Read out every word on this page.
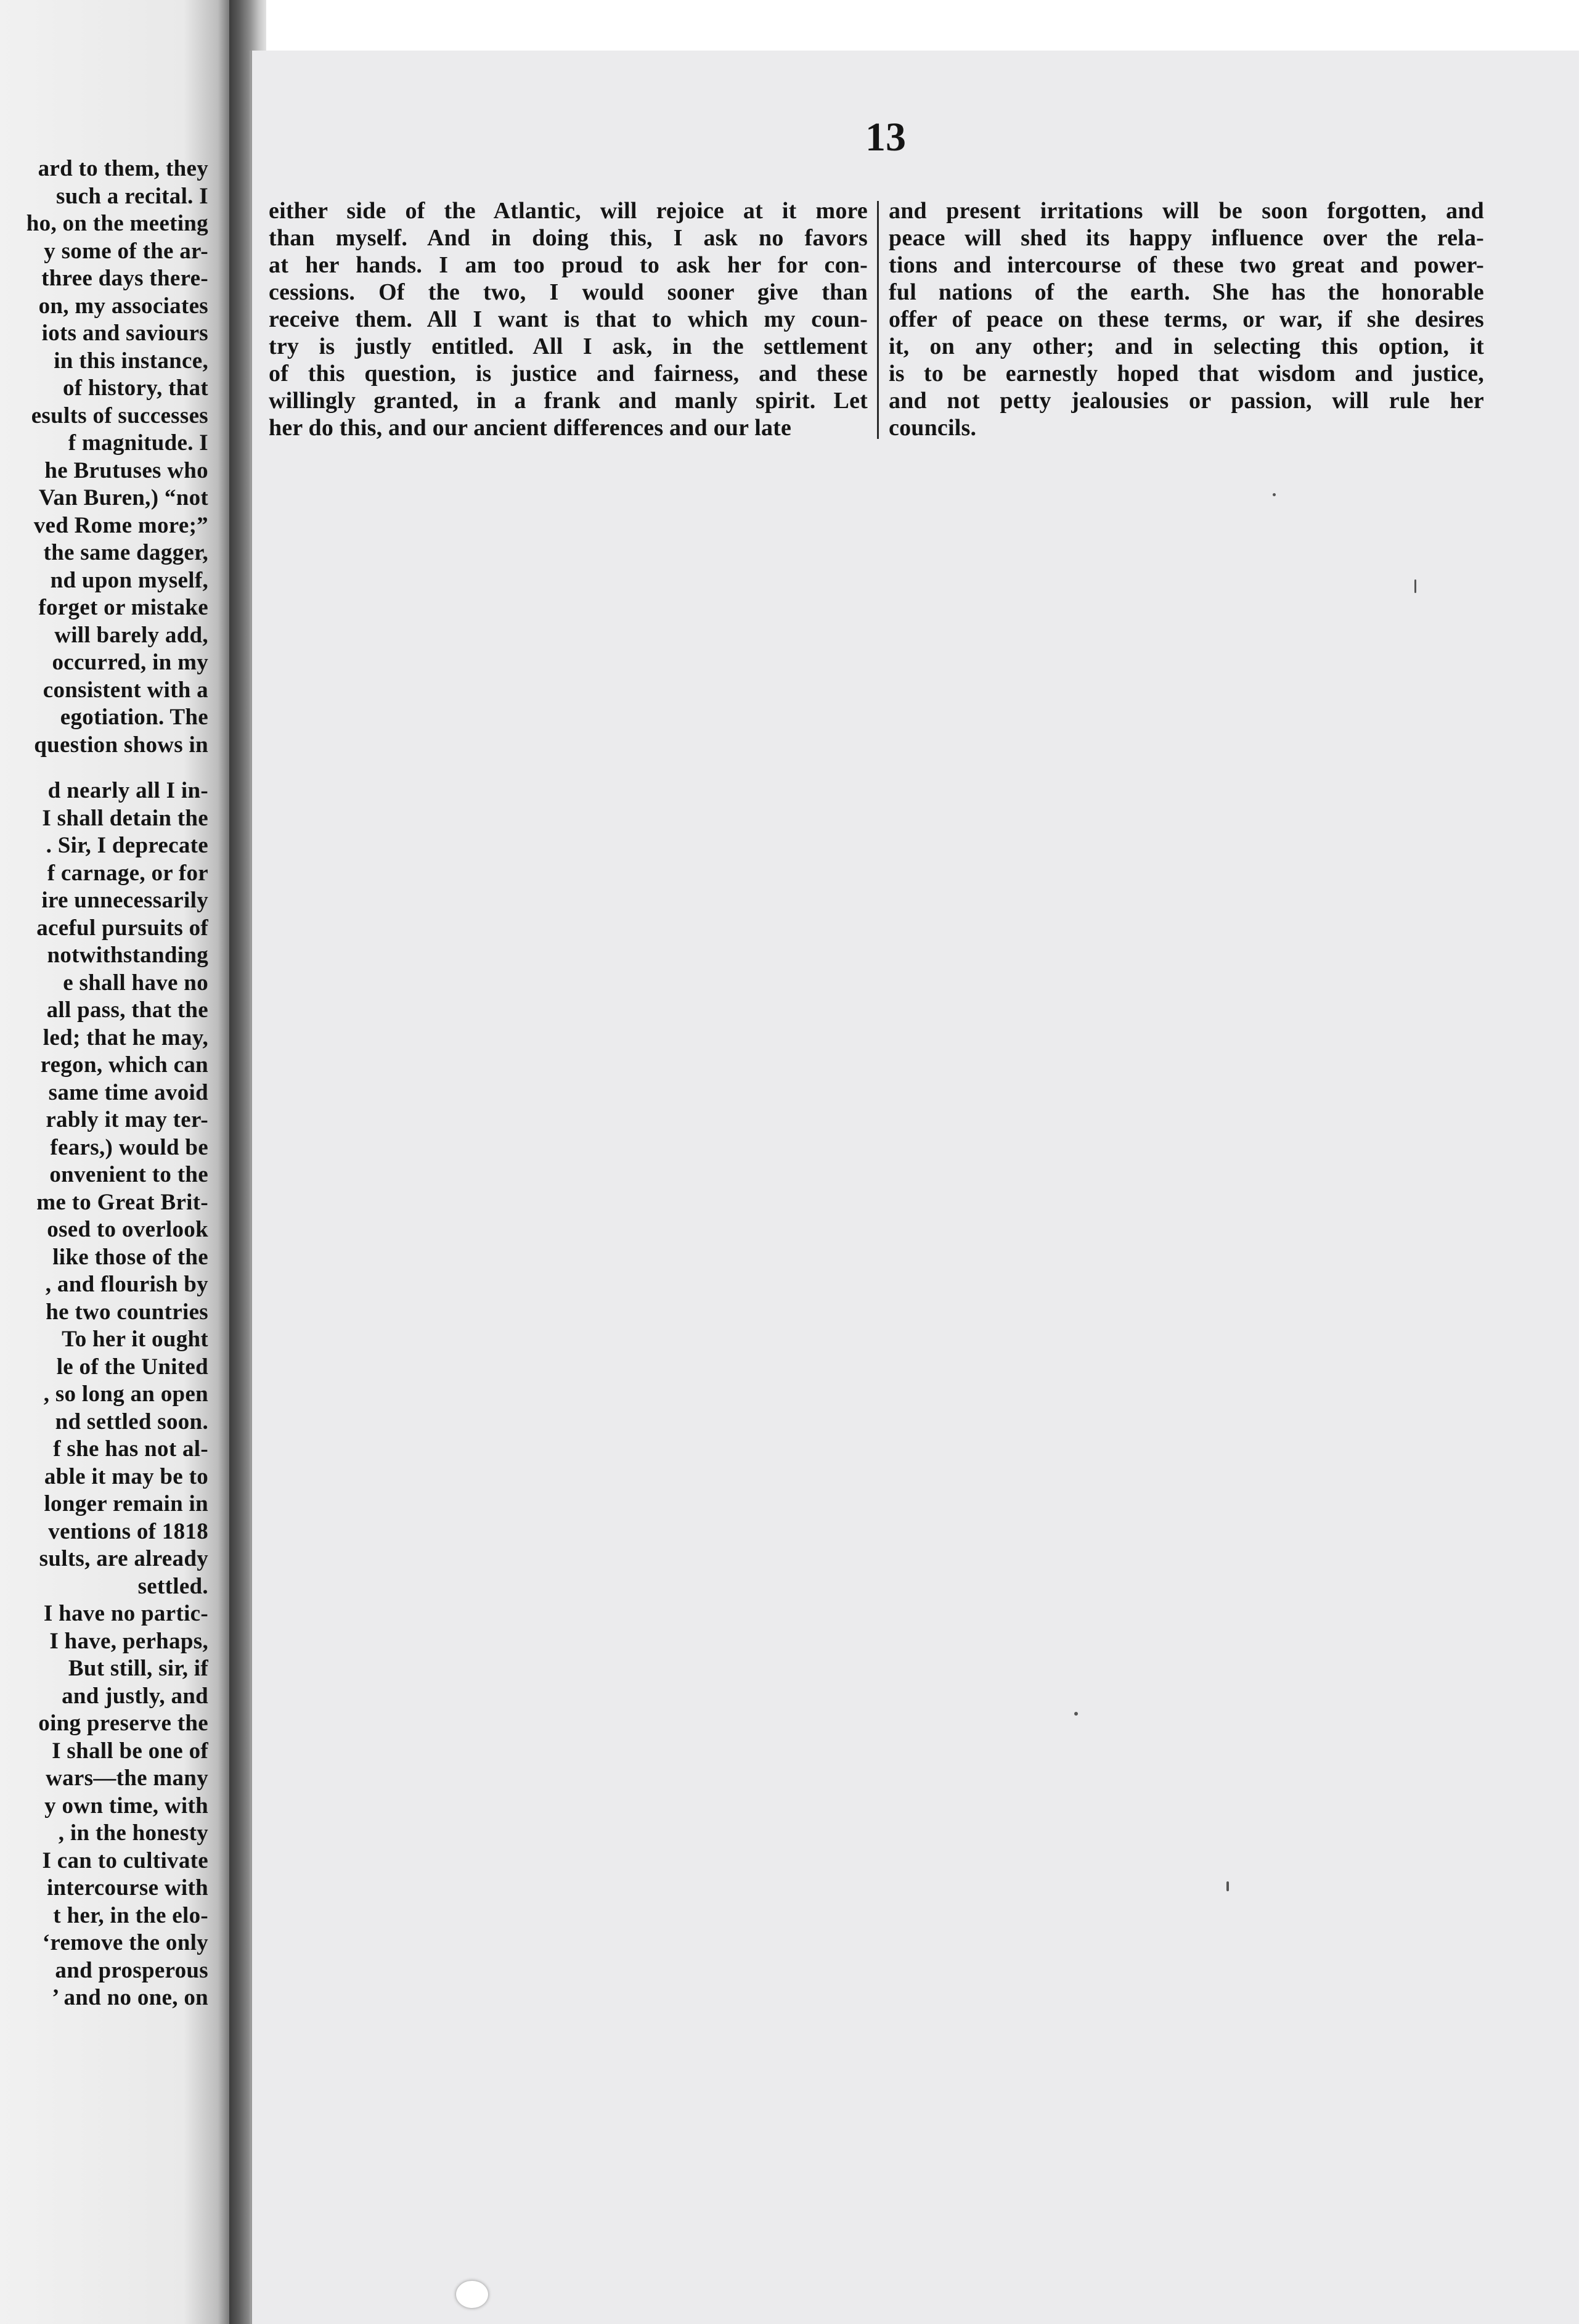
ard to them, they
such a recital. I
ho, on the meeting
y some of the ar-
three days there-
on, my associates
iots and saviours
in this instance,
of history, that
esults of successes
f magnitude. I
he Brutuses who
Van Buren,) “not
ved Rome more;”
the same dagger,
nd upon myself,
forget or mistake
will barely add,
occurred, in my
consistent with a
egotiation. The
question shows in
d nearly all I in-
I shall detain the
. Sir, I deprecate
f carnage, or for
ire unnecessarily
aceful pursuits of
notwithstanding
e shall have no
all pass, that the
led; that he may,
regon, which can
same time avoid
rably it may ter-
fears,) would be
onvenient to the
me to Great Brit-
osed to overlook
like those of the
, and flourish by
he two countries
To her it ought
le of the United
, so long an open
nd settled soon.
f she has not al-
able it may be to
longer remain in
ventions of 1818
sults, are already
settled.
I have no partic-
I have, perhaps,
But still, sir, if
and justly, and
oing preserve the
I shall be one of
wars—the many
y own time, with
, in the honesty
I can to cultivate
intercourse with
t her, in the elo-
‘remove the only
and prosperous
’ and no one, on
13
either side of the Atlantic, will rejoice at it more
than myself. And in doing this, I ask no favors
at her hands. I am too proud to ask her for con-
cessions. Of the two, I would sooner give than
receive them. All I want is that to which my coun-
try is justly entitled. All I ask, in the settlement
of this question, is justice and fairness, and these
willingly granted, in a frank and manly spirit. Let
her do this, and our ancient differences and our late
and present irritations will be soon forgotten, and
peace will shed its happy influence over the rela-
tions and intercourse of these two great and power-
ful nations of the earth. She has the honorable
offer of peace on these terms, or war, if she desires
it, on any other; and in selecting this option, it
is to be earnestly hoped that wisdom and justice,
and not petty jealousies or passion, will rule her
councils.
